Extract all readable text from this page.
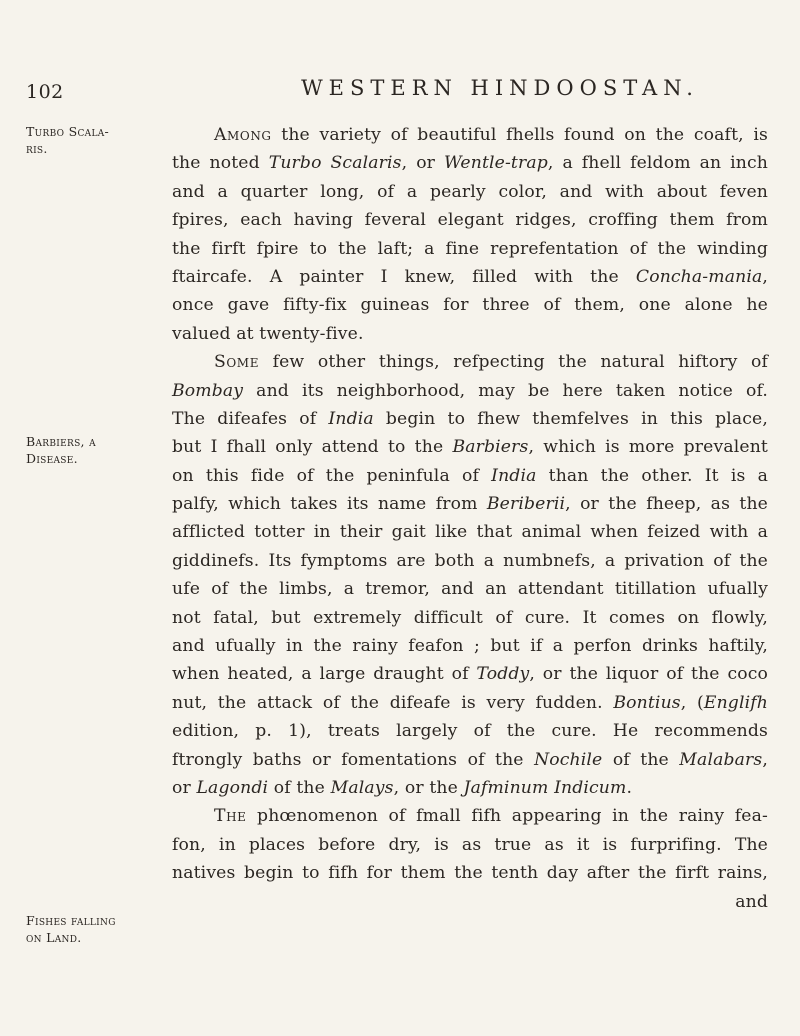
102	WESTERN HINDOOSTAN.
Turbo Scala-
ris.
Barbiers, a
Disease.
Fishes falling
on Land.
Among the variety of beautiful fhells found on the coaft, is
the noted Turbo Scalaris, or Wentle-trap, a fhell feldom an inch
and a quarter long, of a pearly color, and with about feven
fpires, each having feveral elegant ridges, croffing them from
the firft fpire to the laft; a fine reprefentation of the winding
ftaircafe. A painter I knew, filled with the Concha-mania,
once gave fifty-fix guineas for three of them, one alone he
valued at twenty-five.
Some few other things, refpecting the natural hiftory of
Bombay and its neighborhood, may be here taken notice of.
The difeafes of India begin to fhew themfelves in this place,
but I fhall only attend to the Barbiers, which is more prevalent
on this fide of the peninfula of India than the other. It is a
palfy, which takes its name from Beriberii, or the fheep, as the
afflicted totter in their gait like that animal when feized with a
giddinefs. Its fymptoms are both a numbnefs, a privation of the
ufe of the limbs, a tremor, and an attendant titillation ufually
not fatal, but extremely difficult of cure. It comes on flowly,
and ufually in the rainy feafon ; but if a perfon drinks haftily,
when heated, a large draught of Toddy, or the liquor of the coco
nut, the attack of the difeafe is very fudden. Bontius, (Englifh
edition, p. 1), treats largely of the cure. He recommends
ftrongly baths or fomentations of the Nochile of the Malabars,
or Lagondi of the Malays, or the Jafminum Indicum.
The phœnomenon of fmall fifh appearing in the rainy fea-
fon, in places before dry, is as true as it is furprifing. The
natives begin to fifh for them the tenth day after the firft rains,
and
